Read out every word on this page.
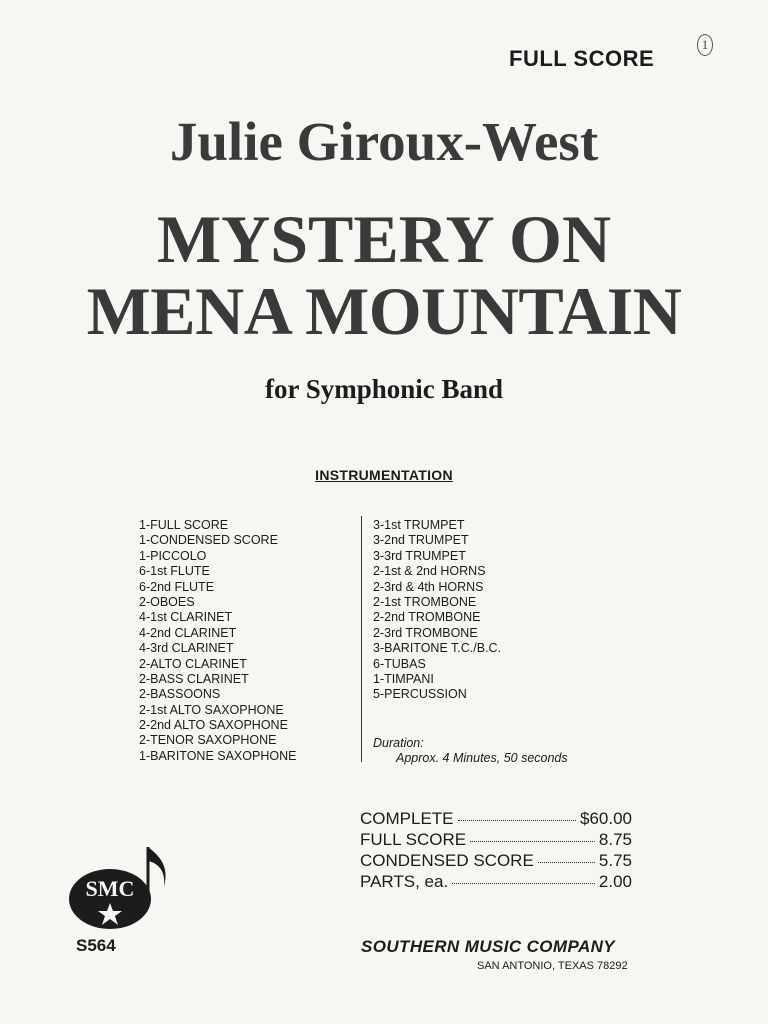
1
FULL SCORE
Julie Giroux-West
MYSTERY ON
MENA MOUNTAIN
for Symphonic Band
INSTRUMENTATION
1-FULL SCORE
1-CONDENSED SCORE
1-PICCOLO
6-1st FLUTE
6-2nd FLUTE
2-OBOES
4-1st CLARINET
4-2nd CLARINET
4-3rd CLARINET
2-ALTO CLARINET
2-BASS CLARINET
2-BASSOONS
2-1st ALTO SAXOPHONE
2-2nd ALTO SAXOPHONE
2-TENOR SAXOPHONE
1-BARITONE SAXOPHONE
3-1st TRUMPET
3-2nd TRUMPET
3-3rd TRUMPET
2-1st & 2nd HORNS
2-3rd & 4th HORNS
2-1st TROMBONE
2-2nd TROMBONE
2-3rd TROMBONE
3-BARITONE T.C./B.C.
6-TUBAS
1-TIMPANI
5-PERCUSSION
Duration:
Approx. 4 Minutes, 50 seconds
COMPLETE	$60.00
FULL SCORE	8.75
CONDENSED SCORE	5.75
PARTS, ea.	2.00
SMC
S564	SOUTHERN MUSIC COMPANY
SAN ANTONIO, TEXAS 78292
